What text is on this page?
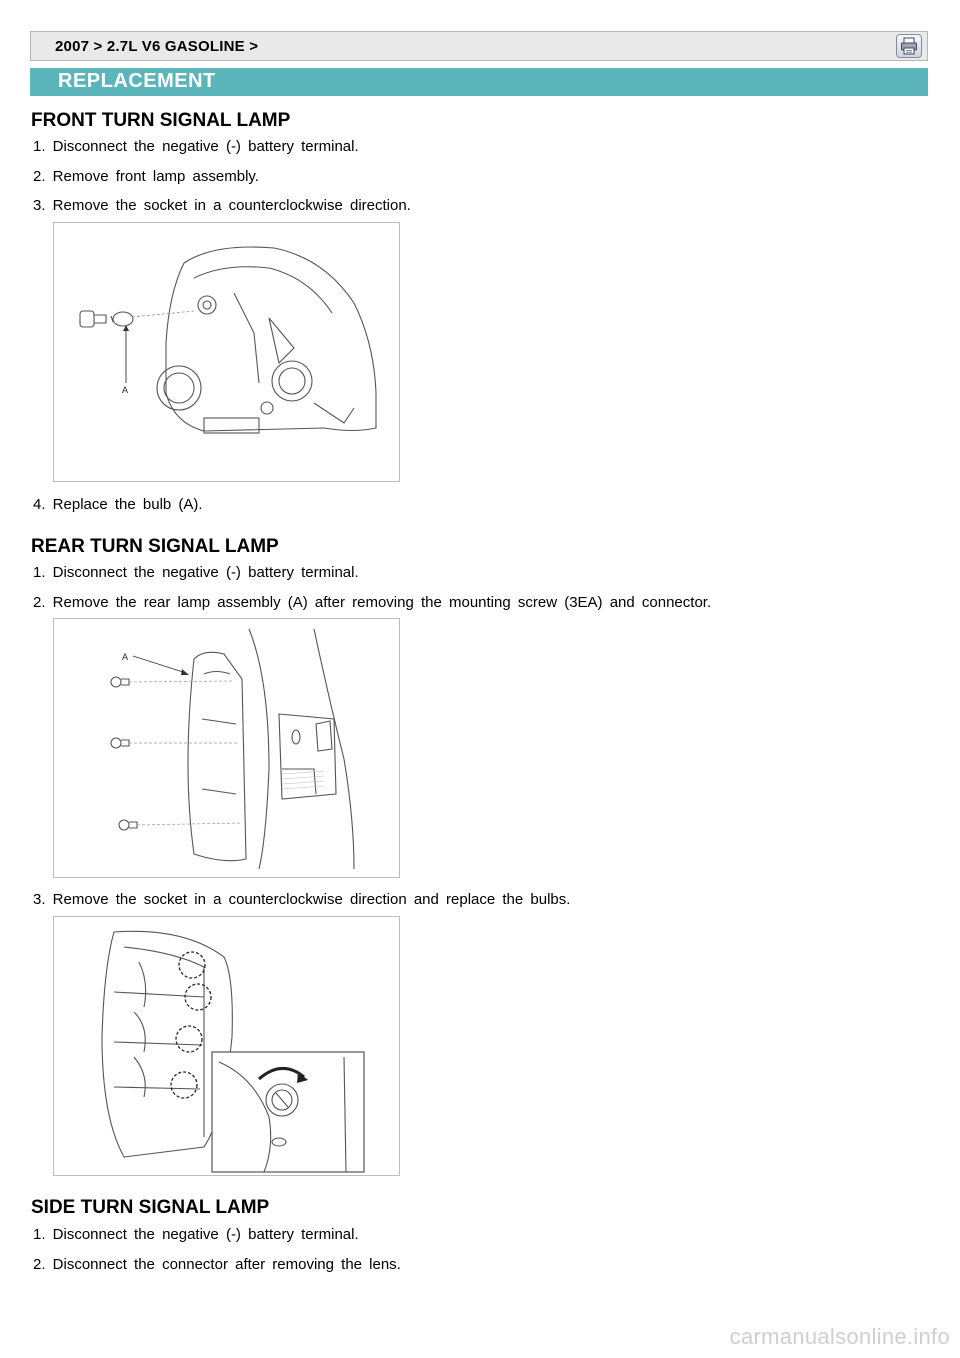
2007 > 2.7L V6 GASOLINE >
REPLACEMENT
FRONT TURN SIGNAL LAMP
1. Disconnect the negative (-) battery terminal.
2. Remove front lamp assembly.
3. Remove the socket in a counterclockwise direction.
A
4. Replace the bulb (A).
REAR TURN SIGNAL LAMP
1. Disconnect the negative (-) battery terminal.
2. Remove the rear lamp assembly (A) after removing the mounting screw (3EA) and connector.
A
3. Remove the socket in a counterclockwise direction and replace the bulbs.
SIDE TURN SIGNAL LAMP
1. Disconnect the negative (-) battery terminal.
2. Disconnect the connector after removing the lens.
carmanualsonline.info
